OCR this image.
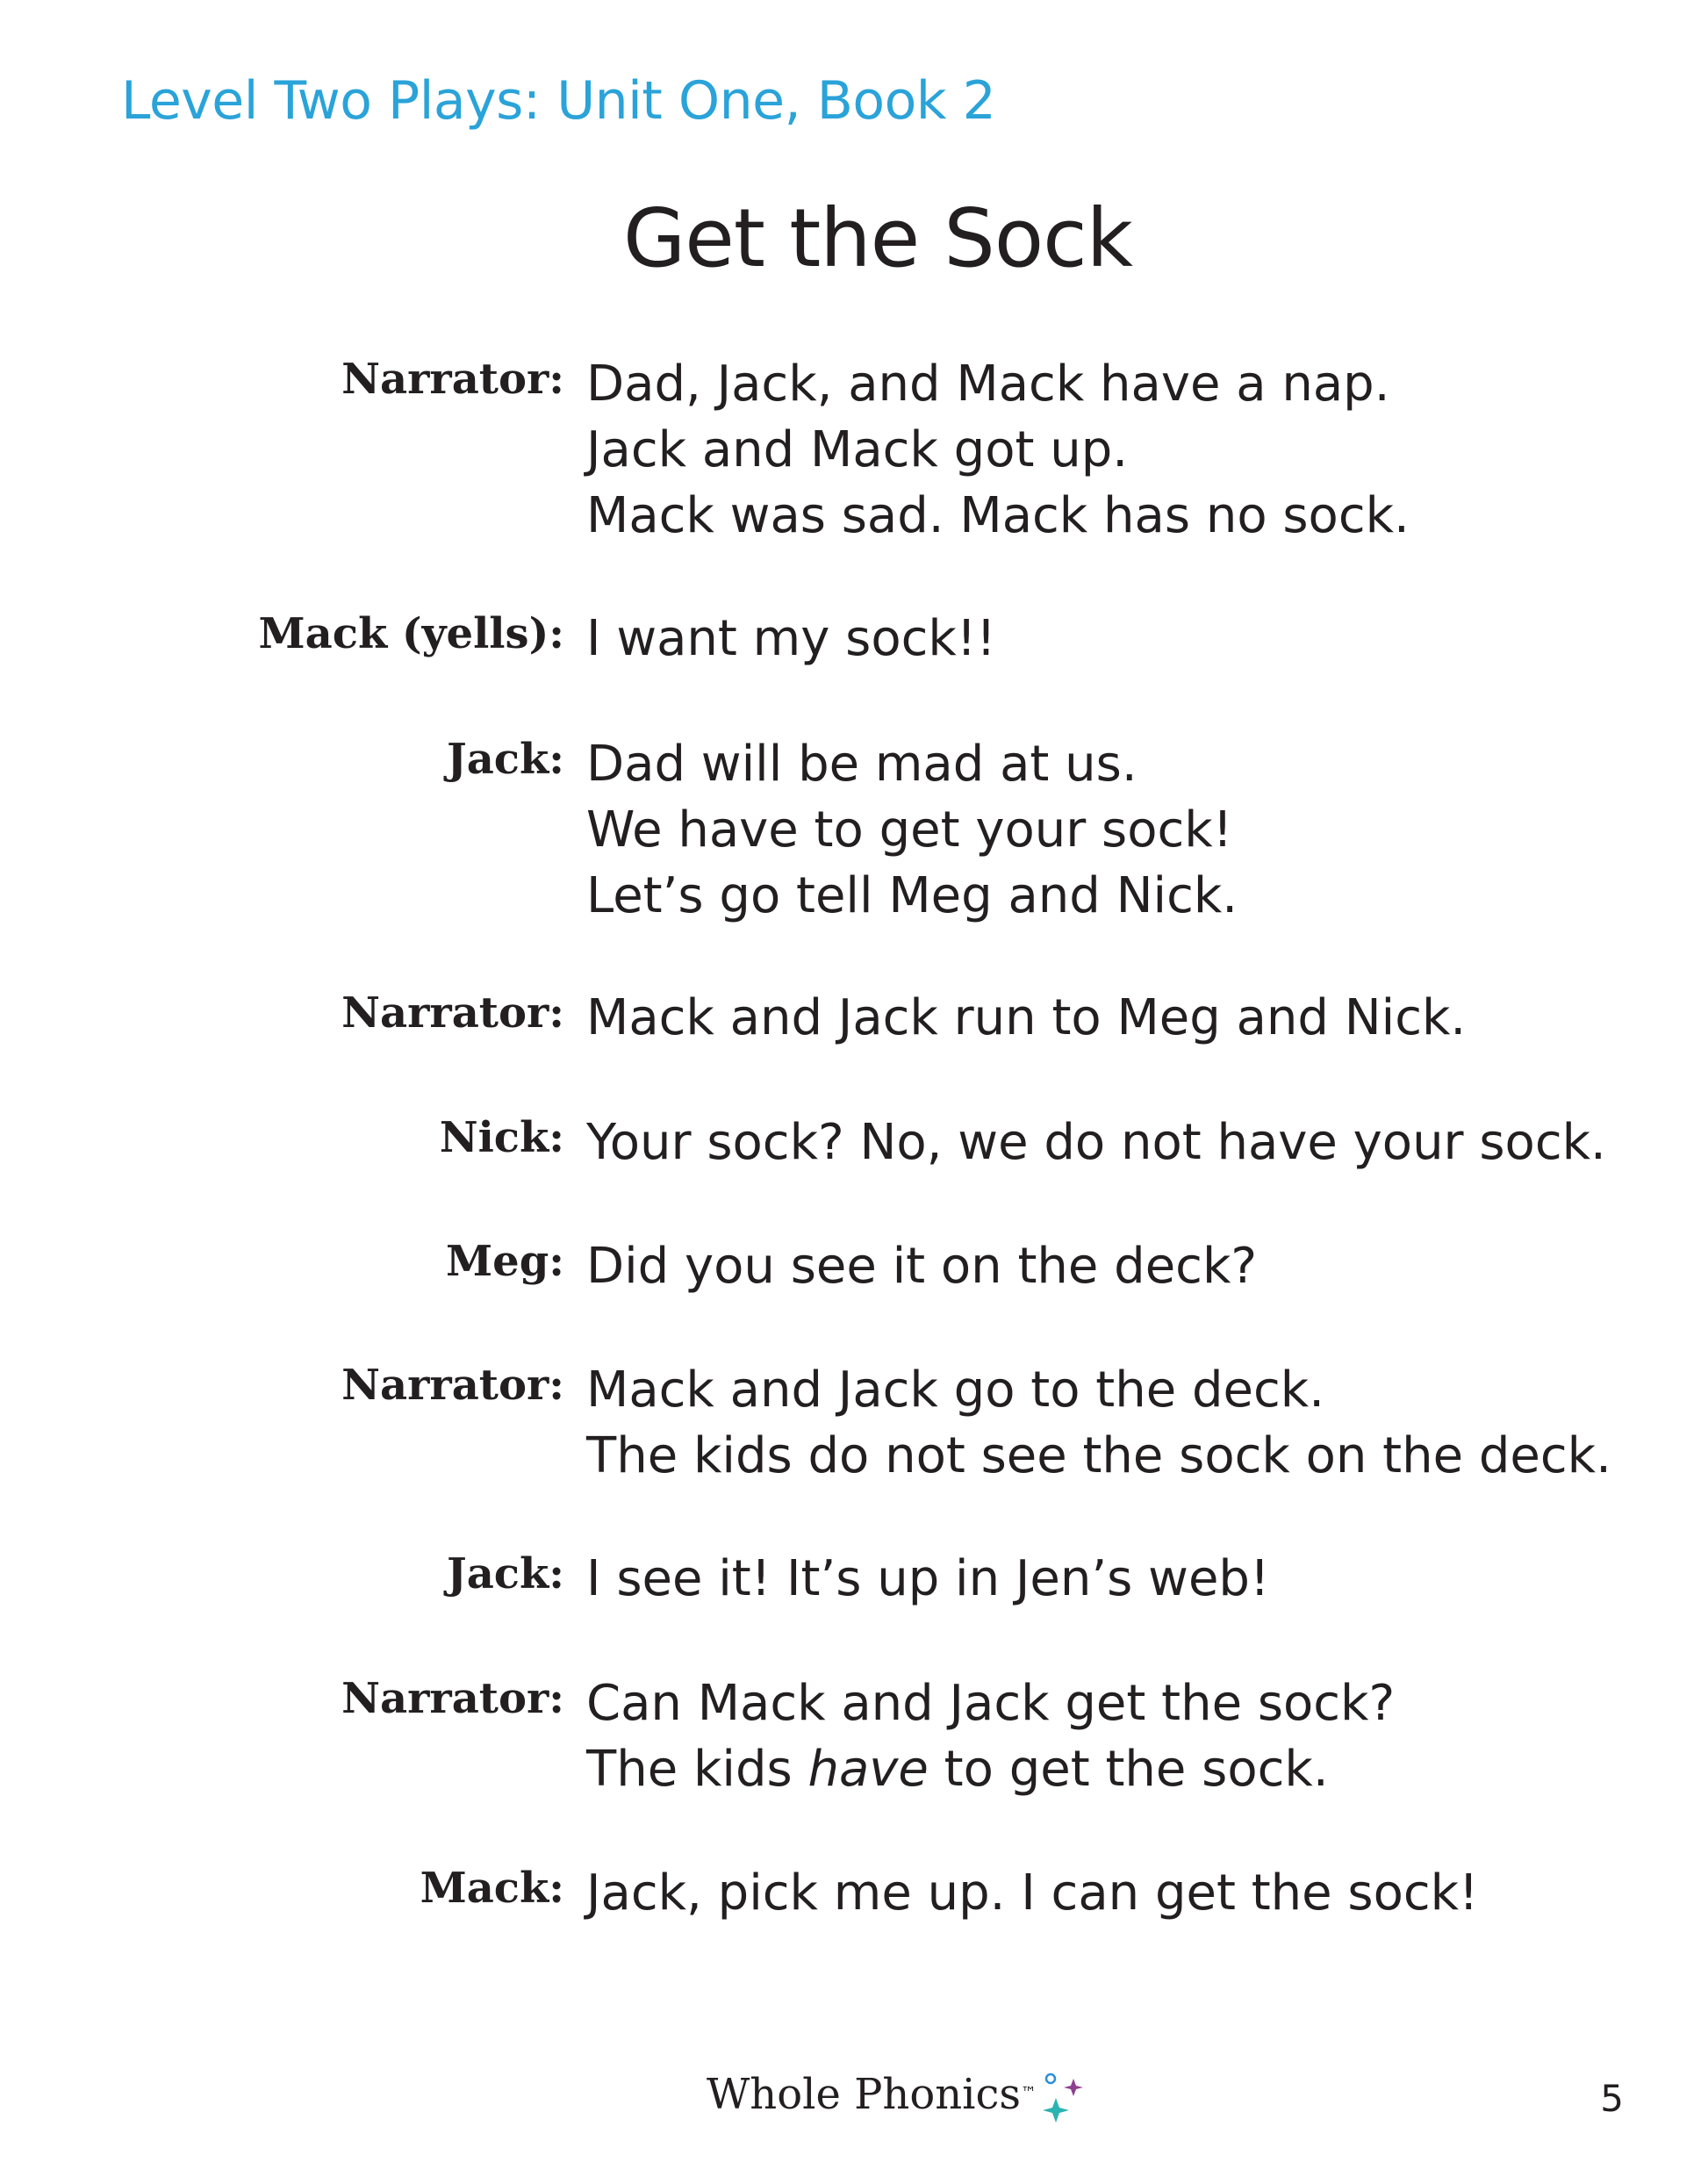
Level Two Plays: Unit One, Book 2
Get the Sock
Narrator: Dad, Jack, and Mack have a nap.
Jack and Mack got up.
Mack was sad. Mack has no sock.
Mack (yells): I want my sock!!
Jack: Dad will be mad at us.
We have to get your sock!
Let’s go tell Meg and Nick.
Narrator: Mack and Jack run to Meg and Nick.
Nick: Your sock? No, we do not have your sock.
Meg: Did you see it on the deck?
Narrator: Mack and Jack go to the deck.
The kids do not see the sock on the deck.
Jack: I see it! It’s up in Jen’s web!
Narrator: Can Mack and Jack get the sock?
The kids have to get the sock.
Mack: Jack, pick me up. I can get the sock!
Whole Phonics™	5
